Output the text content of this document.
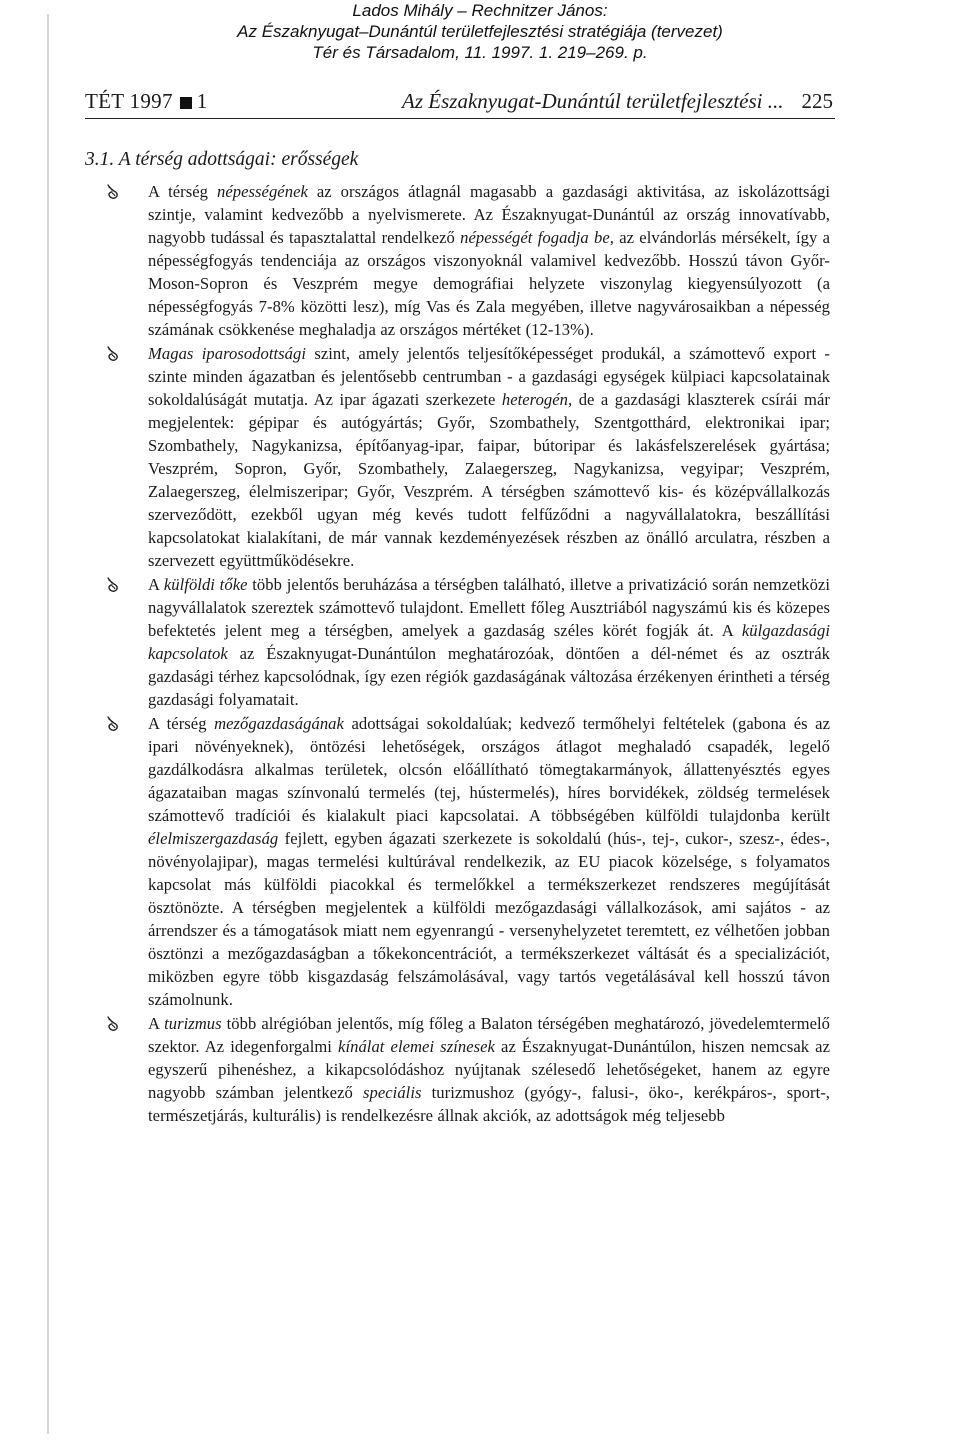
Lados Mihály – Rechnitzer János:
Az Északnyugat–Dunántúl területfejlesztési stratégiája (tervezet)
Tér és Társadalom, 11. 1997. 1. 219–269. p.
TÉT 1997 1	Az Északnyugat-Dunántúl területfejlesztési ... 225
3.1. A térség adottságai: erősségek
A térség népességének az országos átlagnál magasabb a gazdasági aktivitása, az iskolázottsági szintje, valamint kedvezőbb a nyelvismerete. Az Északnyugat-Dunántúl az ország innovatívabb, nagyobb tudással és tapasztalattal rendelkező népességét fogadja be, az elvándorlás mérsékelt, így a népességfogyás tendenciája az országos viszonyoknál valamivel kedvezőbb. Hosszú távon Győr-Moson-Sopron és Veszprém megye demográfiai helyzete viszonylag kiegyensúlyozott (a népességfogyás 7-8% közötti lesz), míg Vas és Zala megyében, illetve nagyvárosaikban a népesség számának csökkenése meghaladja az országos mértéket (12-13%).
Magas iparosodottsági szint, amely jelentős teljesítőképességet produkál, a számottevő export - szinte minden ágazatban és jelentősebb centrumban - a gazdasági egységek külpiaci kapcsolatainak sokoldalúságát mutatja. Az ipar ágazati szerkezete heterogén, de a gazdasági klaszterek csírái már megjelentek: gépipar és autógyártás; Győr, Szombathely, Szentgotthárd, elektronikai ipar; Szombathely, Nagykanizsa, építőanyag-ipar, faipar, bútoripar és lakásfelszerelések gyártása; Veszprém, Sopron, Győr, Szombathely, Zalaegerszeg, Nagykanizsa, vegyipar; Veszprém, Zalaegerszeg, élelmiszeripar; Győr, Veszprém. A térségben számottevő kis- és középvállalkozás szerveződött, ezekből ugyan még kevés tudott felfűződni a nagyvállalatokra, beszállítási kapcsolatokat kialakítani, de már vannak kezdeményezések részben az önálló arculatra, részben a szervezett együttműködésekre.
A külföldi tőke több jelentős beruházása a térségben található, illetve a privatizáció során nemzetközi nagyvállalatok szereztek számottevő tulajdont. Emellett főleg Ausztriából nagyszámú kis és közepes befektetés jelent meg a térségben, amelyek a gazdaság széles körét fogják át. A külgazdasági kapcsolatok az Északnyugat-Dunántúlon meghatározóak, döntően a dél-német és az osztrák gazdasági térhez kapcsolódnak, így ezen régiók gazdaságának változása érzékenyen érintheti a térség gazdasági folyamatait.
A térség mezőgazdaságának adottságai sokoldalúak; kedvező termőhelyi feltételek (gabona és az ipari növényeknek), öntözési lehetőségek, országos átlagot meghaladó csapadék, legelő gazdálkodásra alkalmas területek, olcsón előállítható tömegtakarmányok, állattenyésztés egyes ágazataiban magas színvonalú termelés (tej, hústermelés), híres borvidékek, zöldség termelések számottevő tradíciói és kialakult piaci kapcsolatai. A többségében külföldi tulajdonba került élelmiszergazdaság fejlett, egyben ágazati szerkezete is sokoldalú (hús-, tej-, cukor-, szesz-, édes-, növényolajipar), magas termelési kultúrával rendelkezik, az EU piacok közelsége, s folyamatos kapcsolat más külföldi piacokkal és termelőkkel a termékszerkezet rendszeres megújítását ösztönözte. A térségben megjelentek a külföldi mezőgazdasági vállalkozások, ami sajátos - az árrendszer és a támogatások miatt nem egyenrangú - versenyhelyzetet teremtett, ez vélhetően jobban ösztönzi a mezőgazdaságban a tőkekoncentrációt, a termékszerkezet váltását és a specializációt, miközben egyre több kisgazdaság felszámolásával, vagy tartós vegetálásával kell hosszú távon számolnunk.
A turizmus több alrégióban jelentős, míg főleg a Balaton térségében meghatározó, jövedelemtermelő szektor. Az idegenforgalmi kínálat elemei színesek az Északnyugat-Dunántúlon, hiszen nemcsak az egyszerű pihenéshez, a kikapcsolódáshoz nyújtanak szélesedő lehetőségeket, hanem az egyre nagyobb számban jelentkező speciális turizmushoz (gyógy-, falusi-, öko-, kerékpáros-, sport-, természetjárás, kulturális) is rendelkezésre állnak akciók, az adottságok még teljesebb
